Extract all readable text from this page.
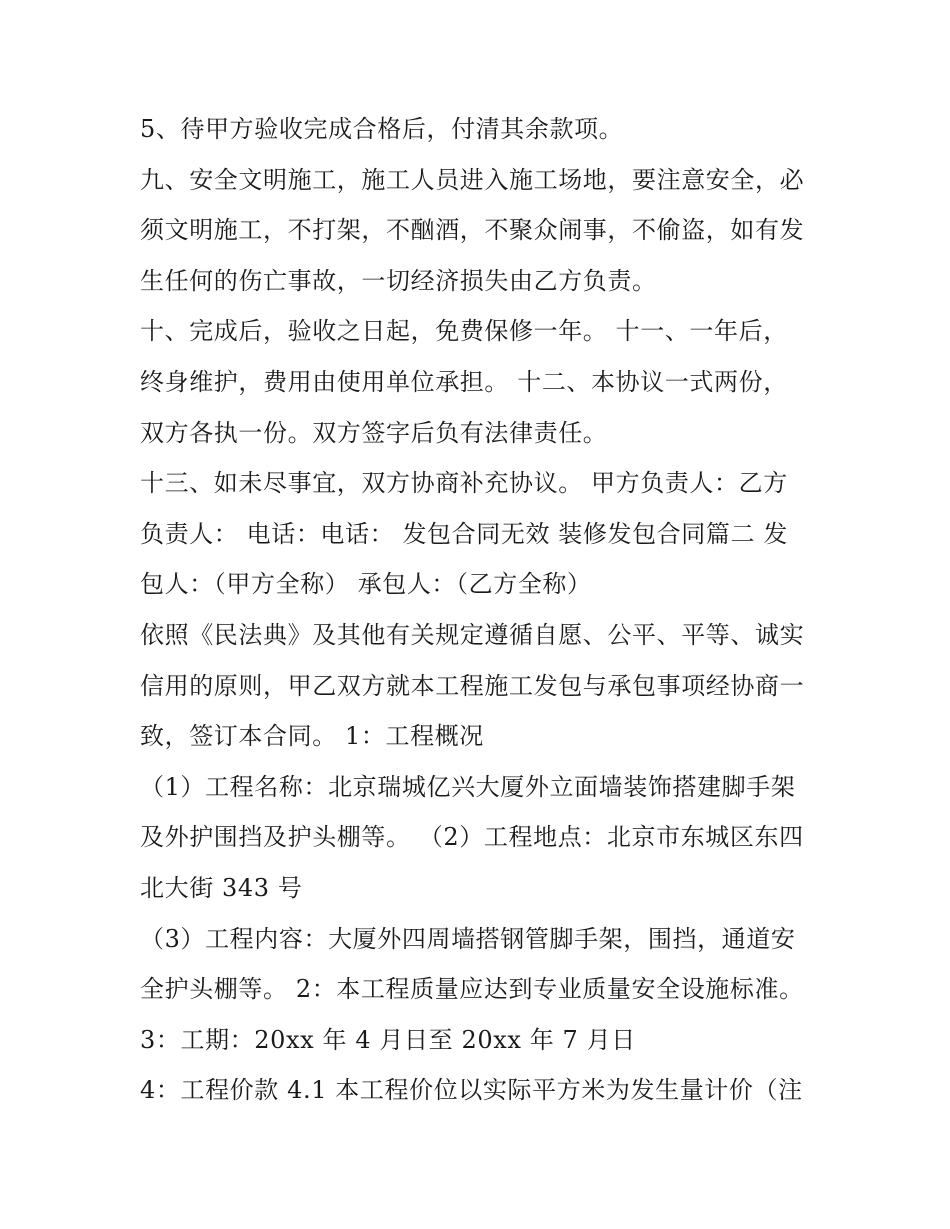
5、待甲方验收完成合格后，付清其余款项。

九、安全文明施工，施工人员进入施工场地，要注意安全，必

须文明施工，不打架，不酗酒，不聚众闹事，不偷盗，如有发

生任何的伤亡事故，一切经济损失由乙方负责。

十、完成后，验收之日起，免费保修一年。 十一、一年后，

终身维护，费用由使用单位承担。 十二、本协议一式两份，

双方各执一份。双方签字后负有法律责任。

十三、如未尽事宜，双方协商补充协议。 甲方负责人：乙方

负责人： 电话：电话： 发包合同无效 装修发包合同篇二 发

包人：（甲方全称） 承包人：（乙方全称）

依照《民法典》及其他有关规定遵循自愿、公平、平等、诚实

信用的原则，甲乙双方就本工程施工发包与承包事项经协商一

致，签订本合同。 1：工程概况

（1）工程名称：北京瑞城亿兴大厦外立面墙装饰搭建脚手架

及外护围挡及护头棚等。 （2）工程地点：北京市东城区东四

北大街 343 号

（3）工程内容：大厦外四周墙搭钢管脚手架，围挡，通道安

全护头棚等。 2：本工程质量应达到专业质量安全设施标准。

3：工期：20xx 年 4 月日至 20xx 年 7 月日

4：工程价款 4.1 本工程价位以实际平方米为发生量计价（注
